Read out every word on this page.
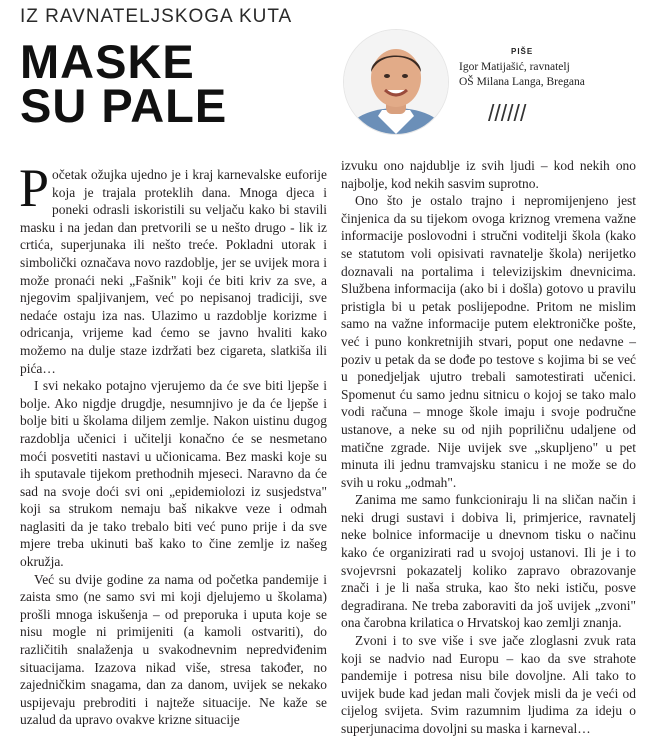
IZ RAVNATELJSKOGA KUTA
MASKE
SU PALE
PIŠE
Igor Matijašić, ravnatelj
OŠ Milana Langa, Bregana
//////

Početak ožujka ujedno je i kraj karnevalske euforije koja je trajala proteklih dana. Mnoga djeca i poneki odrasli iskoristili su veljaču kako bi stavili masku i na jedan dan pretvorili se u nešto drugo - lik iz crtića, superjunaka ili nešto treće. Pokladni utorak i simbolički označava novo razdoblje, jer se uvijek mora i može pronaći neki „Fašnik" koji će biti kriv za sve, a njegovim spaljivanjem, već po nepisanoj tradiciji, sve nedaće ostaju iza nas. Ulazimo u razdoblje korizme i odricanja, vrijeme kad ćemo se javno hvaliti kako možemo na dulje staze izdržati bez cigareta, slatkiša ili pića…

I svi nekako potajno vjerujemo da će sve biti ljepše i bolje. Ako nigdje drugdje, nesumnjivo je da će ljepše i bolje biti u školama diljem zemlje. Nakon uistinu dugog razdoblja učenici i učitelji konačno će se nesmetano moći posvetiti nastavi u učionicama. Bez maski koje su ih sputavale tijekom prethodnih mjeseci. Naravno da će sad na svoje doći svi oni „epidemiolozi iz susjedstva" koji sa strukom nemaju baš nikakve veze i odmah naglasiti da je tako trebalo biti već puno prije i da sve mjere treba ukinuti baš kako to čine zemlje iz našeg okružja.

Već su dvije godine za nama od početka pandemije i zaista smo (ne samo svi mi koji djelujemo u školama) prošli mnoga iskušenja – od preporuka i uputa koje se nisu mogle ni primijeniti (a kamoli ostvariti), do različitih snalaženja u svakodnevnim nepredviđenim situacijama. Izazova nikad više, stresa također, no zajedničkim snagama, dan za danom, uvijek se nekako uspijevaju prebroditi i najteže situacije. Ne kaže se uzalud da upravo ovakve krizne situacije

izvuku ono najdublje iz svih ljudi – kod nekih ono najbolje, kod nekih sasvim suprotno.

Ono što je ostalo trajno i nepromijenjeno jest činjenica da su tijekom ovoga kriznog vremena važne informacije poslovodni i stručni voditelji škola (kako se statutom voli opisivati ravnatelje škola) nerijetko doznavali na portalima i televizijskim dnevnicima. Službena informacija (ako bi i došla) gotovo u pravilu pristigla bi u petak poslijepodne. Pritom ne mislim samo na važne informacije putem elektroničke pošte, već i puno konkretnijih stvari, poput one nedavne – poziv u petak da se dođe po testove s kojima bi se već u ponedjeljak ujutro trebali samotestirati učenici. Spomenut ću samo jednu sitnicu o kojoj se tako malo vodi računa – mnoge škole imaju i svoje područne ustanove, a neke su od njih popriličnu udaljene od matične zgrade. Nije uvijek sve „skupljeno" u pet minuta ili jednu tramvajsku stanicu i ne može se do svih u roku „odmah".

Zanima me samo funkcioniraju li na sličan način i neki drugi sustavi i dobiva li, primjerice, ravnatelj neke bolnice informacije u dnevnom tisku o načinu kako će organizirati rad u svojoj ustanovi. Ili je i to svojevrsni pokazatelj koliko zapravo obrazovanje znači i je li naša struka, kao što neki ističu, posve degradirana. Ne treba zaboraviti da još uvijek „zvoni" ona čarobna krilatica o Hrvatskoj kao zemlji znanja.

Zvoni i to sve više i sve jače zloglasni zvuk rata koji se nadvio nad Europu – kao da sve strahote pandemije i potresa nisu bile dovoljne. Ali tako to uvijek bude kad jedan mali čovjek misli da je veći od cijelog svijeta. Svim razumnim ljudima za ideju o superjunacima dovoljni su maska i karneval…
